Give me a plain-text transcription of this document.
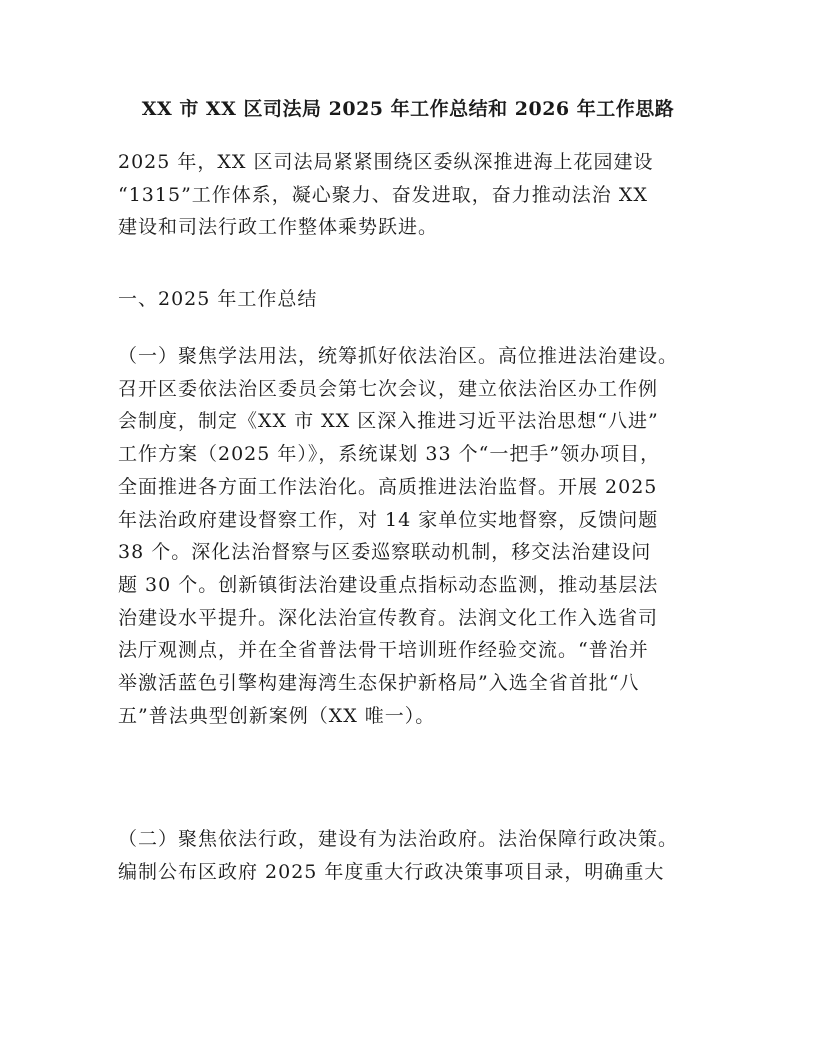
XX 市 XX 区司法局 2025 年工作总结和 2026 年工作思路
2025 年，XX 区司法局紧紧围绕区委纵深推进海上花园建设
“1315”工作体系，凝心聚力、奋发进取，奋力推动法治 XX
建设和司法行政工作整体乘势跃进。
一、2025 年工作总结
（一）聚焦学法用法，统筹抓好依法治区。高位推进法治建设。
召开区委依法治区委员会第七次会议，建立依法治区办工作例
会制度，制定《XX 市 XX 区深入推进习近平法治思想“八进”
工作方案（2025 年）》，系统谋划 33 个“一把手”领办项目，
全面推进各方面工作法治化。高质推进法治监督。开展 2025
年法治政府建设督察工作，对 14 家单位实地督察，反馈问题
38 个。深化法治督察与区委巡察联动机制，移交法治建设问
题 30 个。创新镇街法治建设重点指标动态监测，推动基层法
治建设水平提升。深化法治宣传教育。法润文化工作入选省司
法厅观测点，并在全省普法骨干培训班作经验交流。“普治并
举激活蓝色引擎构建海湾生态保护新格局”入选全省首批“八
五”普法典型创新案例（XX 唯一）。
（二）聚焦依法行政，建设有为法治政府。法治保障行政决策。
编制公布区政府 2025 年度重大行政决策事项目录，明确重大
